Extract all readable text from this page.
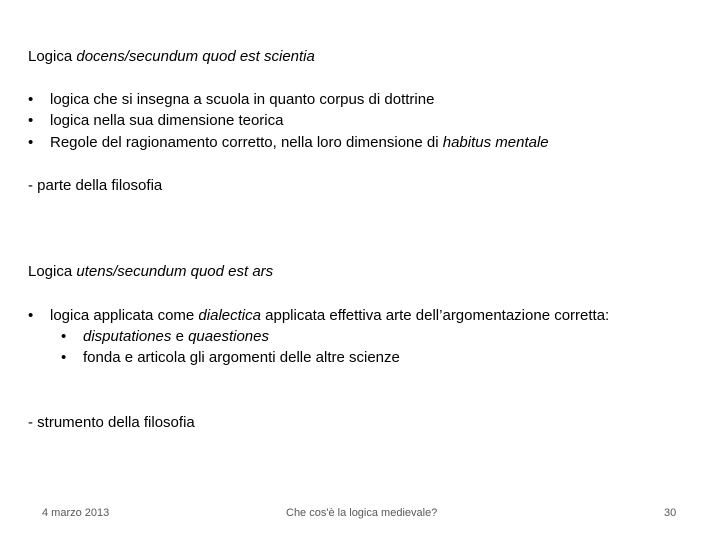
Logica docens/secundum quod est scientia
• logica che si insegna a scuola in quanto corpus di dottrine
• logica nella sua dimensione teorica
• Regole del ragionamento corretto, nella loro dimensione di habitus mentale
- parte della filosofia
Logica utens/secundum quod est ars
• logica applicata come dialectica applicata effettiva arte dell’argomentazione corretta:
• disputationes e quaestiones
• fonda e articola gli argomenti delle altre scienze
- strumento della filosofia
4 marzo 2013	Che cos'è la logica medievale?	30
